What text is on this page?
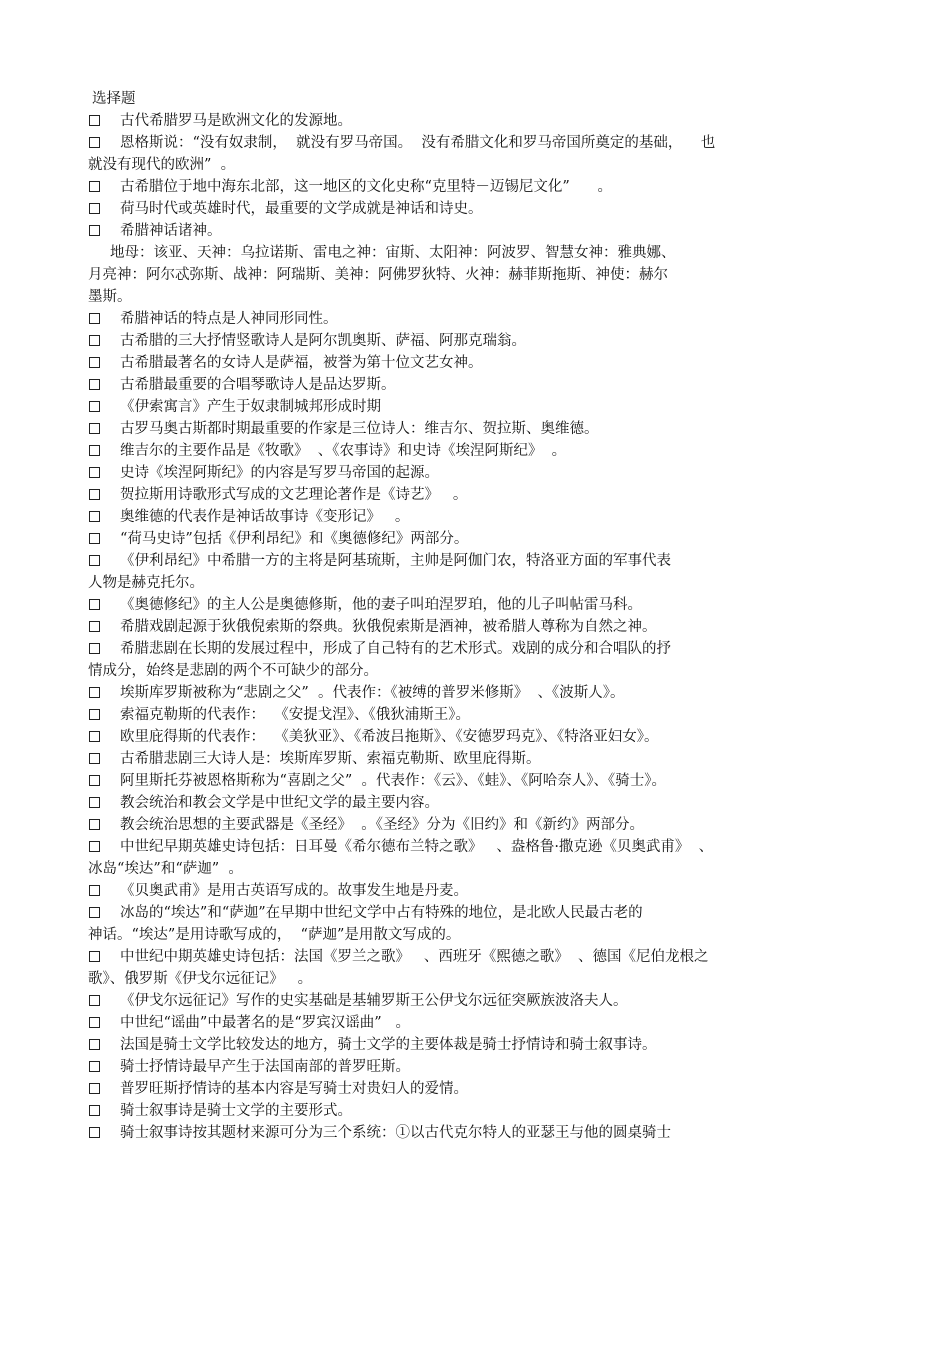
选择题
古代希腊罗马是欧洲文化的发源地。
恩格斯说：“没有奴隶制，  就没有罗马帝国。  没有希腊文化和罗马帝国所奠定的基础，    也
就没有现代的欧洲”  。
古希腊位于地中海东北部，这一地区的文化史称“克里特－迈锡尼文化”      。
荷马时代或英雄时代，最重要的文学成就是神话和诗史。
希腊神话诸神。
地母：该亚、天神：乌拉诺斯、雷电之神：宙斯、太阳神：阿波罗、智慧女神：雅典娜、
月亮神：阿尔忒弥斯、战神：阿瑞斯、美神：阿佛罗狄特、火神：赫菲斯拖斯、神使：赫尔
墨斯。
希腊神话的特点是人神同形同性。
古希腊的三大抒情竖歌诗人是阿尔凯奥斯、萨福、阿那克瑞翁。
古希腊最著名的女诗人是萨福，被誉为第十位文艺女神。
古希腊最重要的合唱琴歌诗人是品达罗斯。
《伊索寓言》产生于奴隶制城邦形成时期
古罗马奥古斯都时期最重要的作家是三位诗人：维吉尔、贺拉斯、奥维德。
维吉尔的主要作品是《牧歌》  、《农事诗》和史诗《埃涅阿斯纪》  。
史诗《埃涅阿斯纪》的内容是写罗马帝国的起源。
贺拉斯用诗歌形式写成的文艺理论著作是《诗艺》   。
奥维德的代表作是神话故事诗《变形记》   。
“荷马史诗”包括《伊利昂纪》和《奥德修纪》两部分。
《伊利昂纪》中希腊一方的主将是阿基琉斯，主帅是阿伽门农，特洛亚方面的军事代表
人物是赫克托尔。
《奥德修纪》的主人公是奥德修斯，他的妻子叫珀涅罗珀，他的儿子叫帖雷马科。
希腊戏剧起源于狄俄倪索斯的祭典。狄俄倪索斯是酒神，被希腊人尊称为自然之神。
希腊悲剧在长期的发展过程中，形成了自己特有的艺术形式。戏剧的成分和合唱队的抒
情成分，始终是悲剧的两个不可缺少的部分。
埃斯库罗斯被称为“悲剧之父”  。代表作：《被缚的普罗米修斯》  、《波斯人》。
索福克勒斯的代表作：  《安提戈涅》、《俄狄浦斯王》。
欧里庇得斯的代表作：  《美狄亚》、《希波吕拖斯》、《安德罗玛克》、《特洛亚妇女》。
古希腊悲剧三大诗人是：埃斯库罗斯、索福克勒斯、欧里庇得斯。
阿里斯托芬被恩格斯称为“喜剧之父”  。代表作：《云》、《蛙》、《阿哈奈人》、《骑士》。
教会统治和教会文学是中世纪文学的最主要内容。
教会统治思想的主要武器是《圣经》  。《圣经》分为《旧约》和《新约》两部分。
中世纪早期英雄史诗包括：日耳曼《希尔德布兰特之歌》   、盎格鲁·撒克逊《贝奥武甫》  、
冰岛“埃达”和“萨迦”  。
《贝奥武甫》是用古英语写成的。故事发生地是丹麦。
冰岛的“埃达”和“萨迦”在早期中世纪文学中占有特殊的地位，是北欧人民最古老的
神话。“埃达”是用诗歌写成的，  “萨迦”是用散文写成的。
中世纪中期英雄史诗包括：法国《罗兰之歌》   、西班牙《熙德之歌》  、德国《尼伯龙根之
歌》、俄罗斯《伊戈尔远征记》   。
《伊戈尔远征记》写作的史实基础是基辅罗斯王公伊戈尔远征突厥族波洛夫人。
中世纪“谣曲”中最著名的是“罗宾汉谣曲”   。
法国是骑士文学比较发达的地方，骑士文学的主要体裁是骑士抒情诗和骑士叙事诗。
骑士抒情诗最早产生于法国南部的普罗旺斯。
普罗旺斯抒情诗的基本内容是写骑士对贵妇人的爱情。
骑士叙事诗是骑士文学的主要形式。
骑士叙事诗按其题材来源可分为三个系统：①以古代克尔特人的亚瑟王与他的圆桌骑士
